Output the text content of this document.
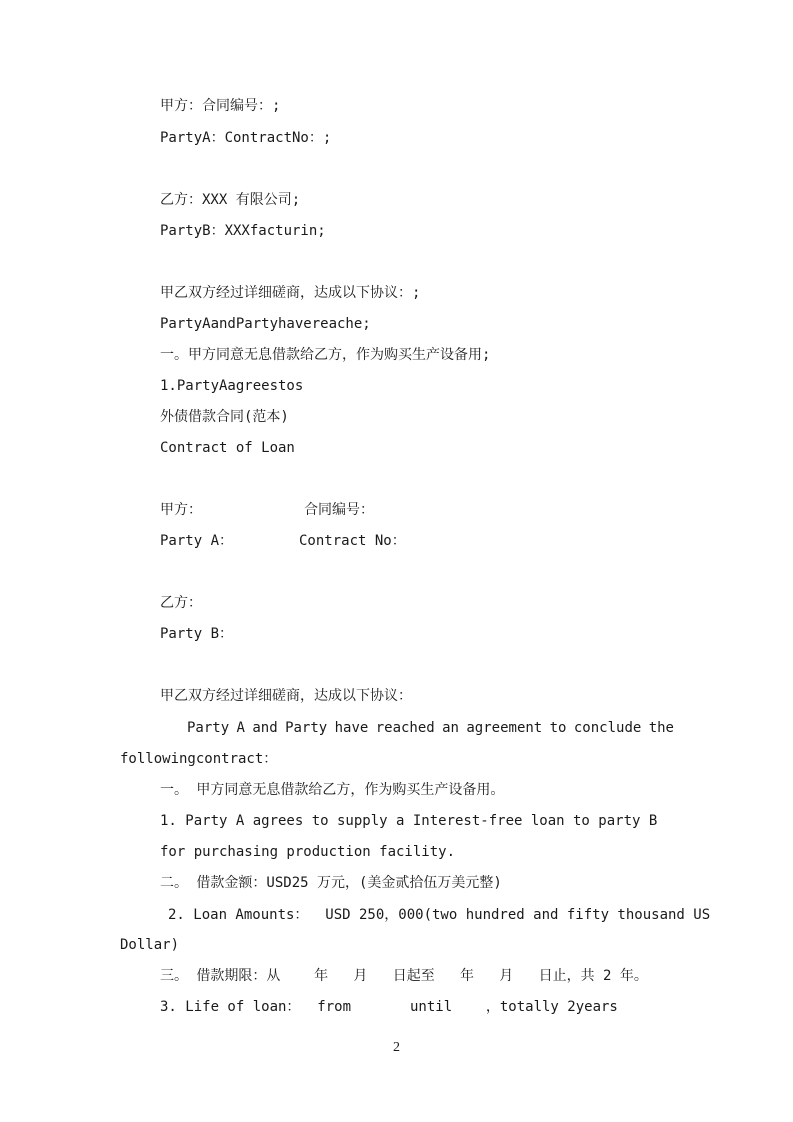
甲方：合同编号：;
PartyA：ContractNo：;
乙方：XXX 有限公司;
PartyB：XXXfacturin;
甲乙双方经过详细磋商，达成以下协议：;
PartyAandPartyhavereache;
一。甲方同意无息借款给乙方，作为购买生产设备用;
1.PartyAagreestos
外债借款合同(范本)
Contract of Loan
甲方：	合同编号：
Party A：	Contract No：
乙方：
Party B：
甲乙双方经过详细磋商，达成以下协议：
Party A and Party have reached an agreement to conclude the
followingcontract：
一。 甲方同意无息借款给乙方，作为购买生产设备用。
1. Party A agrees to supply a Interest-free loan to party B
for purchasing production facility.
二。 借款金额：USD25 万元，(美金贰拾伍万美元整)
2. Loan Amounts：  USD 250，000(two hundred and fifty thousand US
Dollar)
三。 借款期限：从    年   月   日起至   年   月   日止，共 2 年。
3. Life of loan：  from       until    ，totally 2years
2
